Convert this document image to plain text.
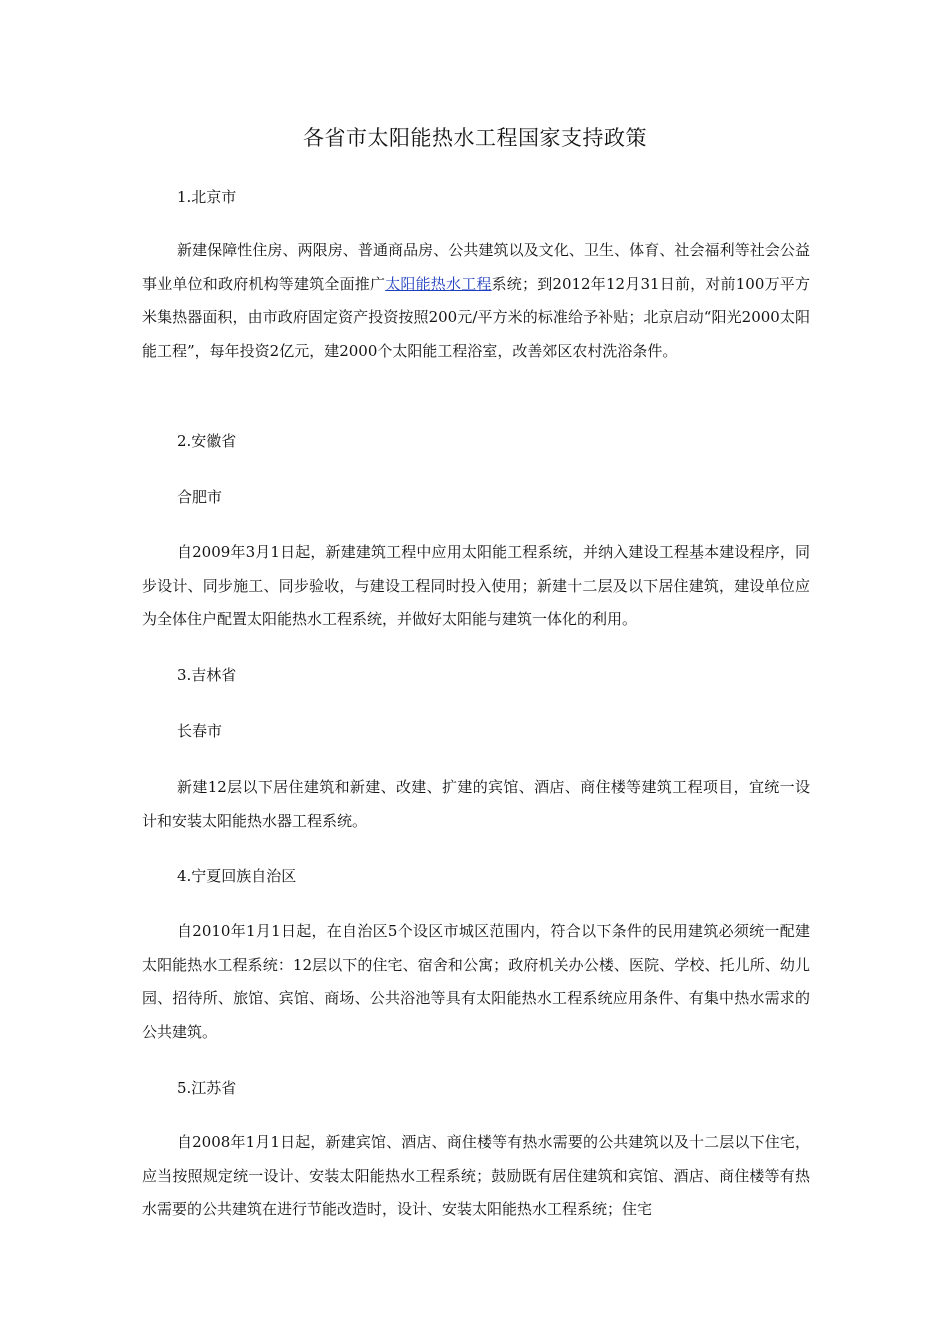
各省市太阳能热水工程国家支持政策

1.北京市

新建保障性住房、两限房、普通商品房、公共建筑以及文化、卫生、体育、社会福利等社会公益事业单位和政府机构等建筑全面推广太阳能热水工程系统；到2012年12月31日前，对前100万平方米集热器面积，由市政府固定资产投资按照200元/平方米的标准给予补贴；北京启动“阳光2000太阳能工程”，每年投资2亿元，建2000个太阳能工程浴室，改善郊区农村洗浴条件。

2.安徽省

合肥市

自2009年3月1日起，新建建筑工程中应用太阳能工程系统，并纳入建设工程基本建设程序，同步设计、同步施工、同步验收，与建设工程同时投入使用；新建十二层及以下居住建筑，建设单位应为全体住户配置太阳能热水工程系统，并做好太阳能与建筑一体化的利用。

3.吉林省

长春市

新建12层以下居住建筑和新建、改建、扩建的宾馆、酒店、商住楼等建筑工程项目，宜统一设计和安装太阳能热水器工程系统。

4.宁夏回族自治区

自2010年1月1日起，在自治区5个设区市城区范围内，符合以下条件的民用建筑必须统一配建太阳能热水工程系统：12层以下的住宅、宿舍和公寓；政府机关办公楼、医院、学校、托儿所、幼儿园、招待所、旅馆、宾馆、商场、公共浴池等具有太阳能热水工程系统应用条件、有集中热水需求的公共建筑。

5.江苏省

自2008年1月1日起，新建宾馆、酒店、商住楼等有热水需要的公共建筑以及十二层以下住宅，应当按照规定统一设计、安装太阳能热水工程系统；鼓励既有居住建筑和宾馆、酒店、商住楼等有热水需要的公共建筑在进行节能改造时，设计、安装太阳能热水工程系统；住宅
